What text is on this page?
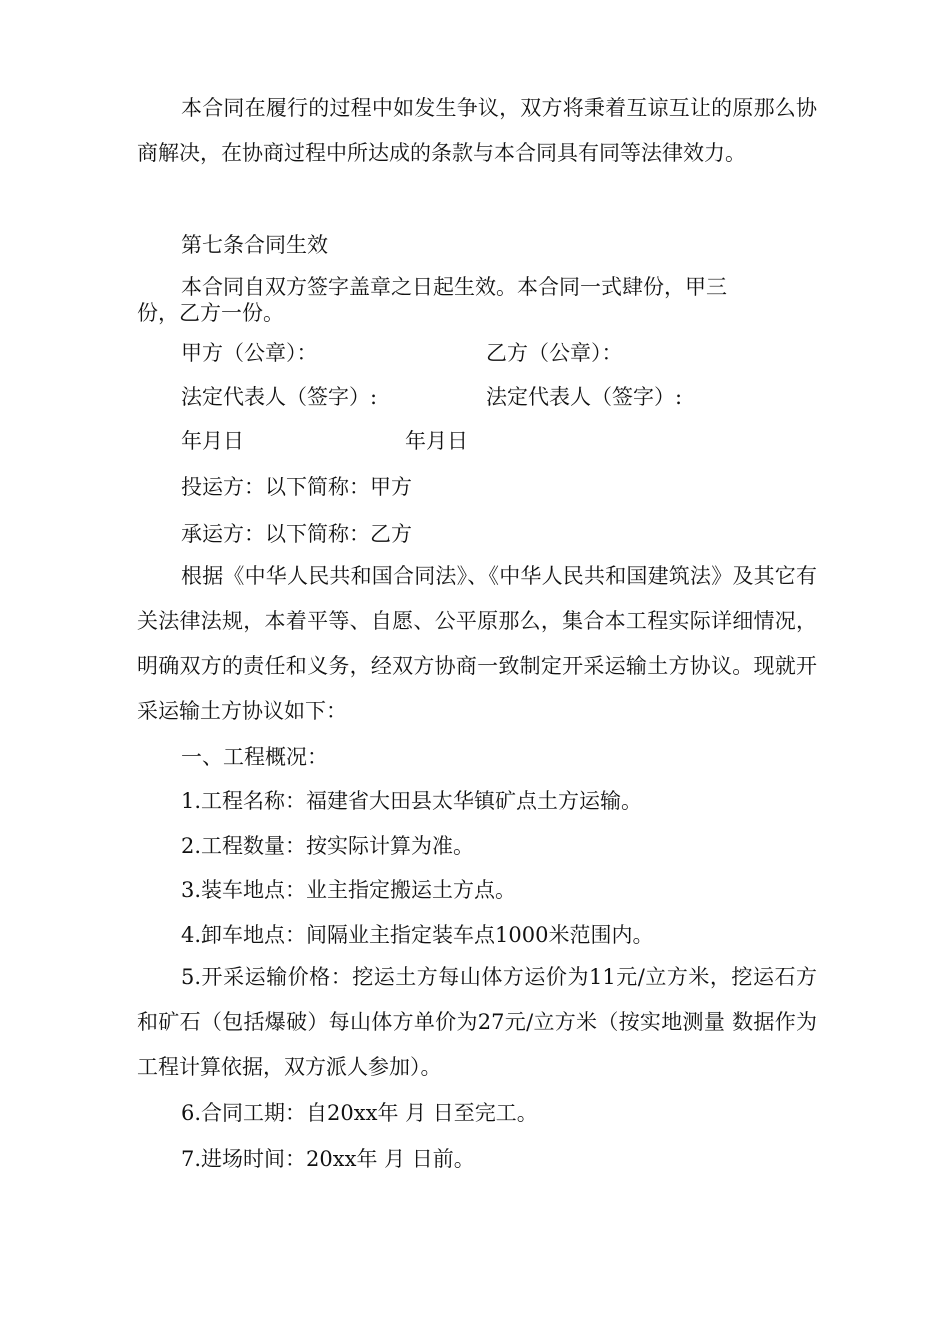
本合同在履行的过程中如发生争议，双方将秉着互谅互让的原那么协商解决，在协商过程中所达成的条款与本合同具有同等法律效力。

第七条合同生效
本合同自双方签字盖章之日起生效。本合同一式肆份，甲三
份，乙方一份。
甲方（公章）：	乙方（公章）：
法定代表人（签字）:	法定代表人（签字）:
年月日	年月日
投运方：以下简称：甲方
承运方：以下简称：乙方

根据《中华人民共和国合同法》、《中华人民共和国建筑法》及其它有关法律法规，本着平等、自愿、公平原那么，集合本工程实际详细情况，明确双方的责任和义务，经双方协商一致制定开采运输土方协议。现就开采运输土方协议如下：

一、工程概况：
1.工程名称：福建省大田县太华镇矿点土方运输。
2.工程数量：按实际计算为准。
3.装车地点：业主指定搬运土方点。
4.卸车地点：间隔业主指定装车点1000米范围内。

5.开采运输价格：挖运土方每山体方运价为11元/立方米，挖运石方和矿石（包括爆破）每山体方单价为27元/立方米（按实地测量 数据作为工程计算依据，双方派人参加）。

6.合同工期：自20xx年 月 日至完工。
7.进场时间：20xx年 月 日前。
